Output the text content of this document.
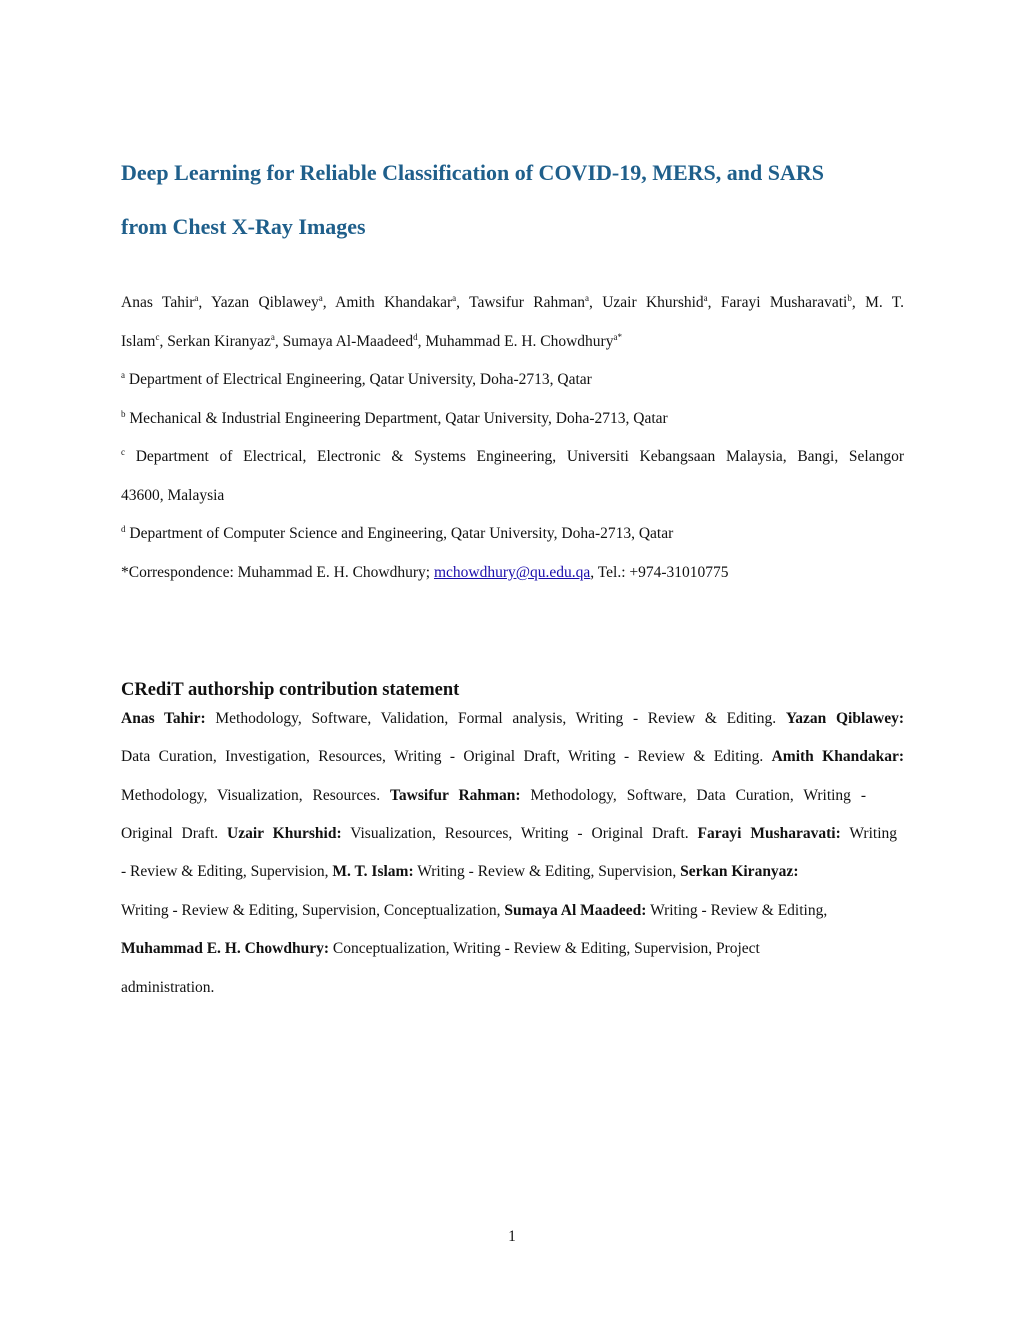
Deep Learning for Reliable Classification of COVID-19, MERS, and SARS
from Chest X-Ray Images
Anas Tahir$^a$, Yazan Qiblawey$^a$, Amith Khandakar$^a$, Tawsifur Rahman$^a$, Uzair Khurshid$^a$, Farayi Musharavati$^b$, M. T.
Islam$^c$, Serkan Kiranyaz$^a$, Sumaya Al-Maadeed$^d$, Muhammad E. H. Chowdhury$^{a*}$
$^a$ Department of Electrical Engineering, Qatar University, Doha-2713, Qatar
$^b$ Mechanical & Industrial Engineering Department, Qatar University, Doha-2713, Qatar
$^c$ Department of Electrical, Electronic & Systems Engineering, Universiti Kebangsaan Malaysia, Bangi, Selangor
43600, Malaysia
$^d$ Department of Computer Science and Engineering, Qatar University, Doha-2713, Qatar
*Correspondence: Muhammad E. H. Chowdhury; mchowdhury@qu.edu.qa, Tel.: +974-31010775
CRediT authorship contribution statement
Anas Tahir: Methodology, Software, Validation, Formal analysis, Writing - Review & Editing. Yazan Qiblawey:
Data Curation, Investigation, Resources, Writing - Original Draft, Writing - Review & Editing. Amith Khandakar:
Methodology, Visualization, Resources. Tawsifur Rahman: Methodology, Software, Data Curation, Writing -
Original Draft. Uzair Khurshid: Visualization, Resources, Writing - Original Draft. Farayi Musharavati: Writing
- Review & Editing, Supervision, M. T. Islam: Writing - Review & Editing, Supervision, Serkan Kiranyaz:
Writing - Review & Editing, Supervision, Conceptualization, Sumaya Al Maadeed: Writing - Review & Editing,
Muhammad E. H. Chowdhury: Conceptualization, Writing - Review & Editing, Supervision, Project
administration.
1
